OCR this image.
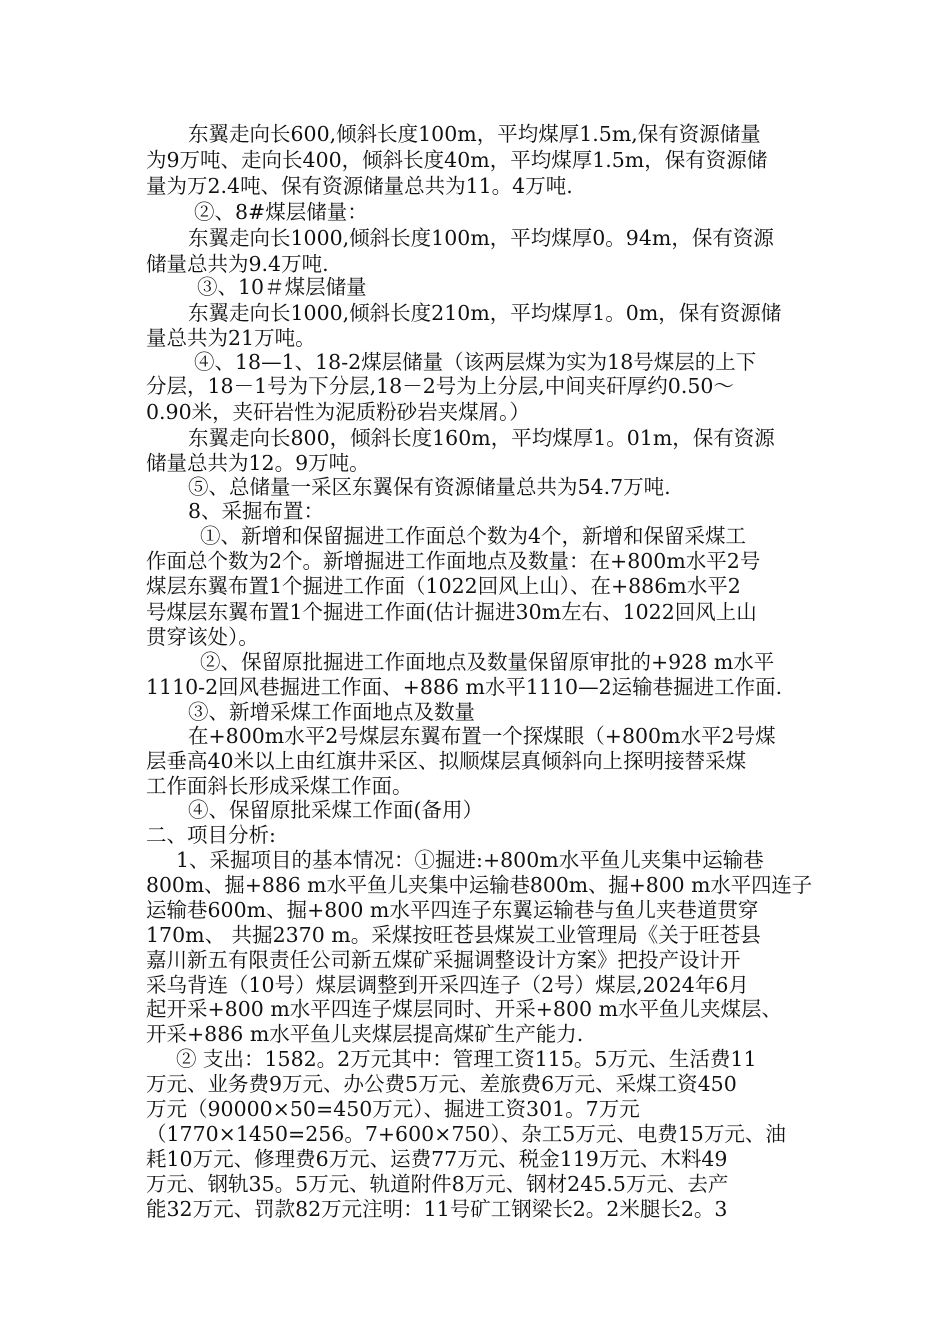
东翼走向长600,倾斜长度100m，平均煤厚1.5m,保有资源储量
为9万吨、走向长400，倾斜长度40m，平均煤厚1.5m，保有资源储
量为万2.4吨、保有资源储量总共为11。4万吨.
②、8#煤层储量：
东翼走向长1000,倾斜长度100m，平均煤厚0。94m，保有资源
储量总共为9.4万吨.
③、10＃煤层储量
东翼走向长1000,倾斜长度210m，平均煤厚1。0m，保有资源储
量总共为21万吨。
④、18—1、18-2煤层储量（该两层煤为实为18号煤层的上下
分层，18－1号为下分层,18－2号为上分层,中间夹矸厚约0.50～
0.90米，夹矸岩性为泥质粉砂岩夹煤屑。）
东翼走向长800，倾斜长度160m，平均煤厚1。01m，保有资源
储量总共为12。9万吨。
⑤、总储量一采区东翼保有资源储量总共为54.7万吨.
8、采掘布置：
①、新增和保留掘进工作面总个数为4个，新增和保留采煤工
作面总个数为2个。新增掘进工作面地点及数量：在+800m水平2号
煤层东翼布置1个掘进工作面（1022回风上山）、在+886m水平2
号煤层东翼布置1个掘进工作面(估计掘进30m左右、1022回风上山
贯穿该处）。
②、保留原批掘进工作面地点及数量保留原审批的+928 m水平
1110-2回风巷掘进工作面、+886 m水平1110—2运输巷掘进工作面.
③、新增采煤工作面地点及数量
在+800m水平2号煤层东翼布置一个探煤眼（+800m水平2号煤
层垂高40米以上由红旗井采区、拟顺煤层真倾斜向上探明接替采煤
工作面斜长形成采煤工作面。
④、保留原批采煤工作面(备用）
二、项目分析:
1、采掘项目的基本情况：①掘进:+800m水平鱼儿夹集中运输巷
800m、掘+886 m水平鱼儿夹集中运输巷800m、掘+800 m水平四连子
运输巷600m、掘+800 m水平四连子东翼运输巷与鱼儿夹巷道贯穿
170m、 共掘2370 m。采煤按旺苍县煤炭工业管理局《关于旺苍县
嘉川新五有限责任公司新五煤矿采掘调整设计方案》把投产设计开
采乌背连（10号）煤层调整到开采四连子（2号）煤层,2024年6月
起开采+800 m水平四连子煤层同时、开采+800 m水平鱼儿夹煤层、
开采+886 m水平鱼儿夹煤层提高煤矿生产能力.
② 支出：1582。2万元其中：管理工资115。5万元、生活费11
万元、业务费9万元、办公费5万元、差旅费6万元、采煤工资450
万元（90000×50=450万元）、掘进工资301。7万元
（1770×1450=256。7+600×750）、杂工5万元、电费15万元、油
耗10万元、修理费6万元、运费77万元、税金119万元、木料49
万元、钢轨35。5万元、轨道附件8万元、钢材245.5万元、去产
能32万元、罚款82万元注明：11号矿工钢梁长2。2米腿长2。3
